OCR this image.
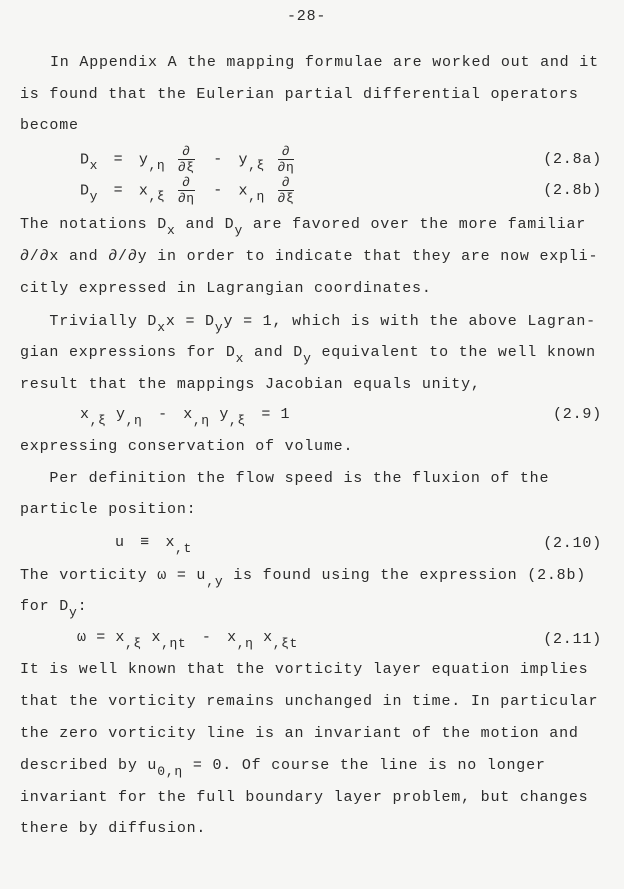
-28-
In Appendix A the mapping formulae are worked out and it
is found that the Eulerian partial differential operators
become
$Dx = y,\eta \frac{\partial}{\partial\xi} - y,\xi \frac{\partial}{\partial\eta}$	(2.8a)
$Dy = x,\xi \frac{\partial}{\partial\eta} - x,\eta \frac{\partial}{\partial\xi}$	(2.8b)
The notations Dx and Dy are favored over the more familiar
∂/∂x and ∂/∂y in order to indicate that they are now expli-
citly expressed in Lagrangian coordinates.
Trivially Dxx = Dyy = 1, which is with the above Lagran-
gian expressions for Dx and Dy equivalent to the well known
result that the mappings Jacobian equals unity,
x,ξ y,η - x,η y,ξ = 1	(2.9)
expressing conservation of volume.
Per definition the flow speed is the fluxion of the
particle position:
u ≡ x,t	(2.10)
The vorticity ω = u,y is found using the expression (2.8b)
for Dy:
ω = x,ξ x,ηt - x,η x,ξt	(2.11)
It is well known that the vorticity layer equation implies
that the vorticity remains unchanged in time. In particular
the zero vorticity line is an invariant of the motion and
described by u0,η = 0. Of course the line is no longer
invariant for the full boundary layer problem, but changes
there by diffusion.
